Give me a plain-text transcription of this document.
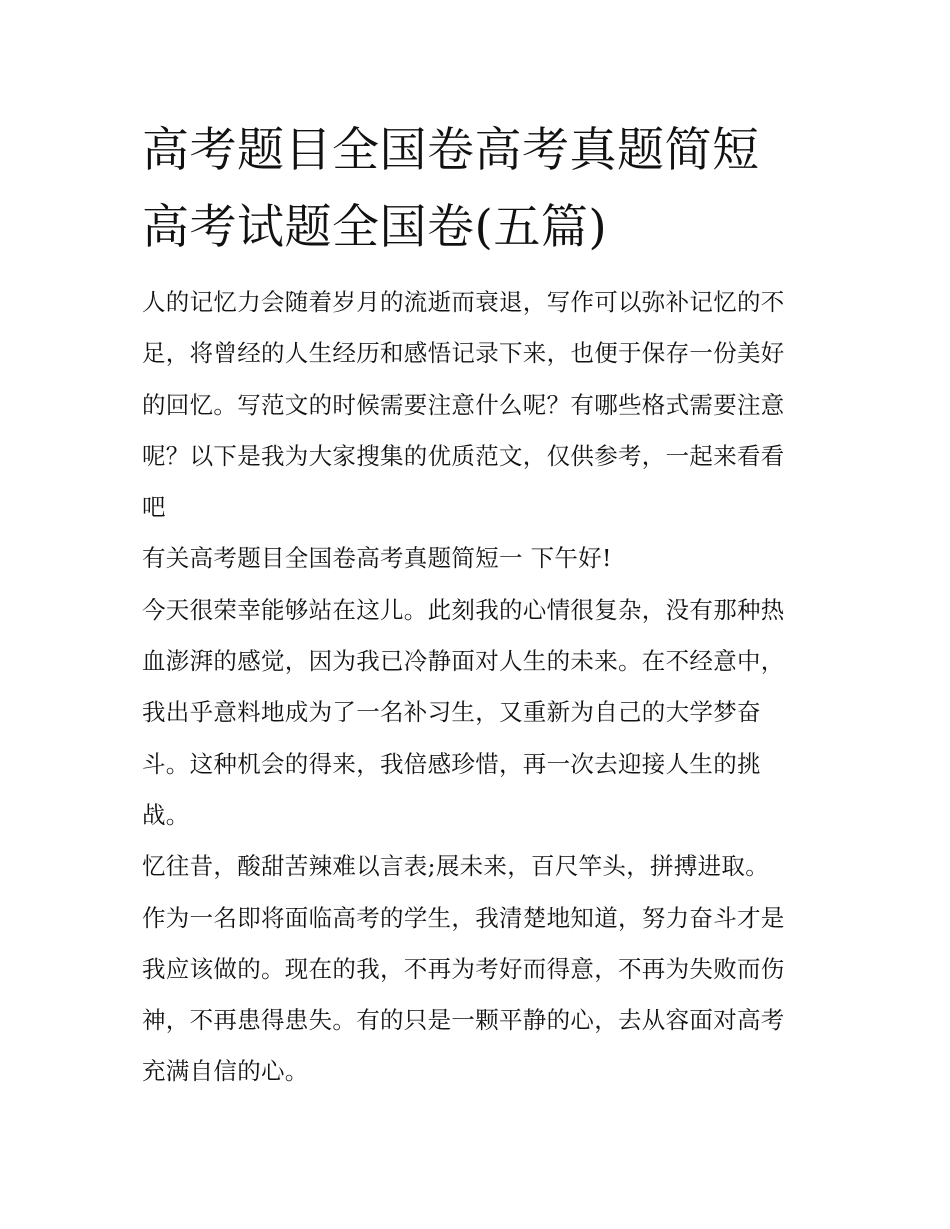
高考题目全国卷高考真题简短
高考试题全国卷(五篇)

人的记忆力会随着岁月的流逝而衰退，写作可以弥补记忆的不
足，将曾经的人生经历和感悟记录下来，也便于保存一份美好
的回忆。写范文的时候需要注意什么呢？有哪些格式需要注意
呢？以下是我为大家搜集的优质范文，仅供参考，一起来看看
吧

有关高考题目全国卷高考真题简短一 下午好!

今天很荣幸能够站在这儿。此刻我的心情很复杂，没有那种热
血澎湃的感觉，因为我已冷静面对人生的未来。在不经意中，
我出乎意料地成为了一名补习生，又重新为自己的大学梦奋
斗。这种机会的得来，我倍感珍惜，再一次去迎接人生的挑
战。

忆往昔，酸甜苦辣难以言表;展未来，百尺竿头，拼搏进取。

作为一名即将面临高考的学生，我清楚地知道，努力奋斗才是
我应该做的。现在的我，不再为考好而得意，不再为失败而伤
神，不再患得患失。有的只是一颗平静的心，去从容面对高考
充满自信的心。
